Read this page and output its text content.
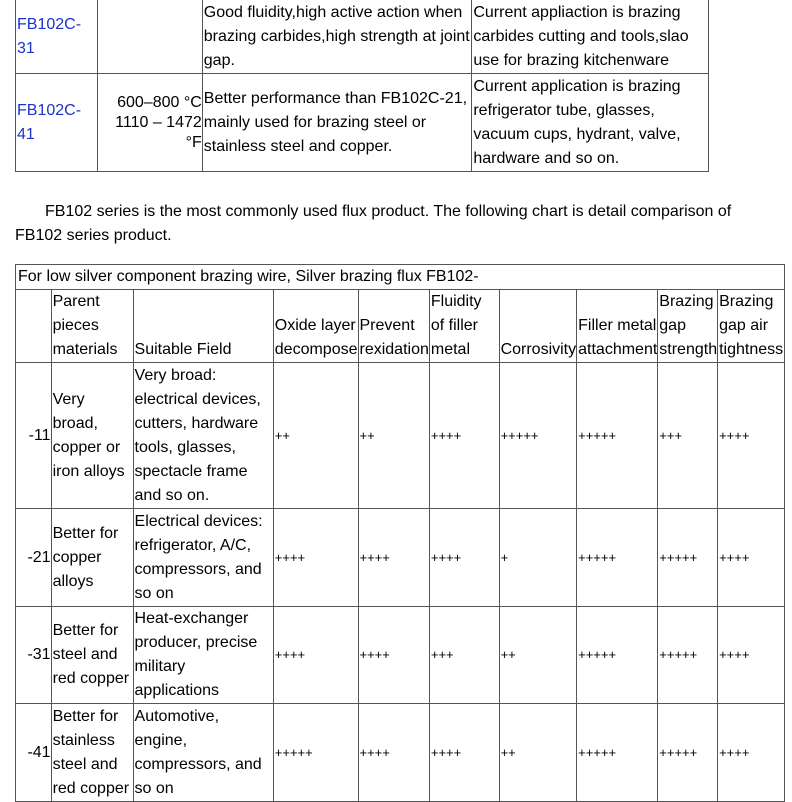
FB102C-31		Good fluidity,high active action when brazing carbides,high strength at joint gap.	Current appliaction is brazing carbides cutting and tools,slao use for brazing kitchenware
FB102C-41	600–800 °C 1110 – 1472 °F	Better performance than FB102C-21, mainly used for brazing steel or stainless steel and copper.	Current application is brazing refrigerator tube, glasses, vacuum cups, hydrant, valve, hardware and so on.
FB102 series is the most commonly used flux product. The following chart is detail comparison of FB102 series product.
For low silver component brazing wire, Silver brazing flux FB102-									
	Parent pieces materials	Suitable Field	Oxide layer decompose	Prevent rexidation	Fluidity of filler metal	Corrosivity	Filler metal attachment	Brazing gap strength	Brazing gap air tightness
-11	Very broad, copper or iron alloys	Very broad: electrical devices, cutters, hardware tools, glasses, spectacle frame and so on.	++	++	++++	+++++	+++++	+++	++++
-21	Better for copper alloys	Electrical devices: refrigerator, A/C, compressors, and so on	++++	++++	++++	+	+++++	+++++	++++
-31	Better for steel and red copper	Heat-exchanger producer, precise military applications	++++	++++	+++	++	+++++	+++++	++++
-41	Better for stainless steel and red copper	Automotive, engine, compressors, and so on	+++++	++++	++++	++	+++++	+++++	++++
